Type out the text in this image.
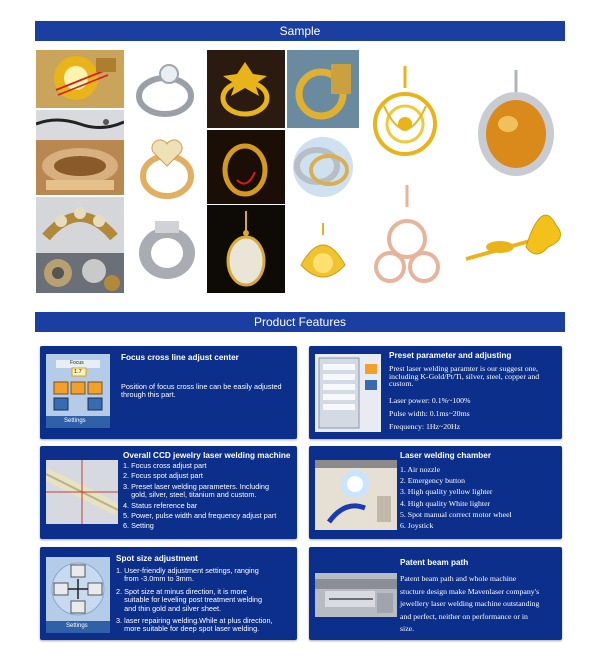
Sample
Product Features
Focus
1.7
Settings
Focus cross line adjust center
Position of focus cross line can be easily adjusted through this part.
Preset parameter and adjusting
Prest laser welding paramter is our suggest one, including K-Gold/Pt/Ti, silver, steel, copper and custom.
Laser power: 0.1%~100%
Pulse width: 0.1ms~20ms
Frequency: 1Hz~20Hz
Overall CCD jewelry laser welding machine
1. Focus cross adjust part
2. Focus spot adjust part
3. Preset laser welding parameters. Including
gold, silver, steel, titanium and custom.
4. Status reference bar
5. Power, pulse width and frequency adjust part
6. Setting
Laser welding chamber
1. Air nozzle
2. Emergency button
3. High quality yellow lighter
4. High quality White lighter
5. Spot manual correct motor wheel
6. Joystick
Settings
Spot size adjustment
1. User-friendly adjustment settings, ranging
from -3.0mm to 3mm.
2. Spot size at minus direction, it is more
suitable for leveling post treatment welding
and thin gold and silver sheet.
3. laser repairing welding.While at plus direction,
more suitable for deep spot laser welding.
Patent beam path
Patent beam path and whole machine
stucture design make Mavenlaser company's
jewellery laser welding machine outstanding
and perfect, neither on performance or in
size.
